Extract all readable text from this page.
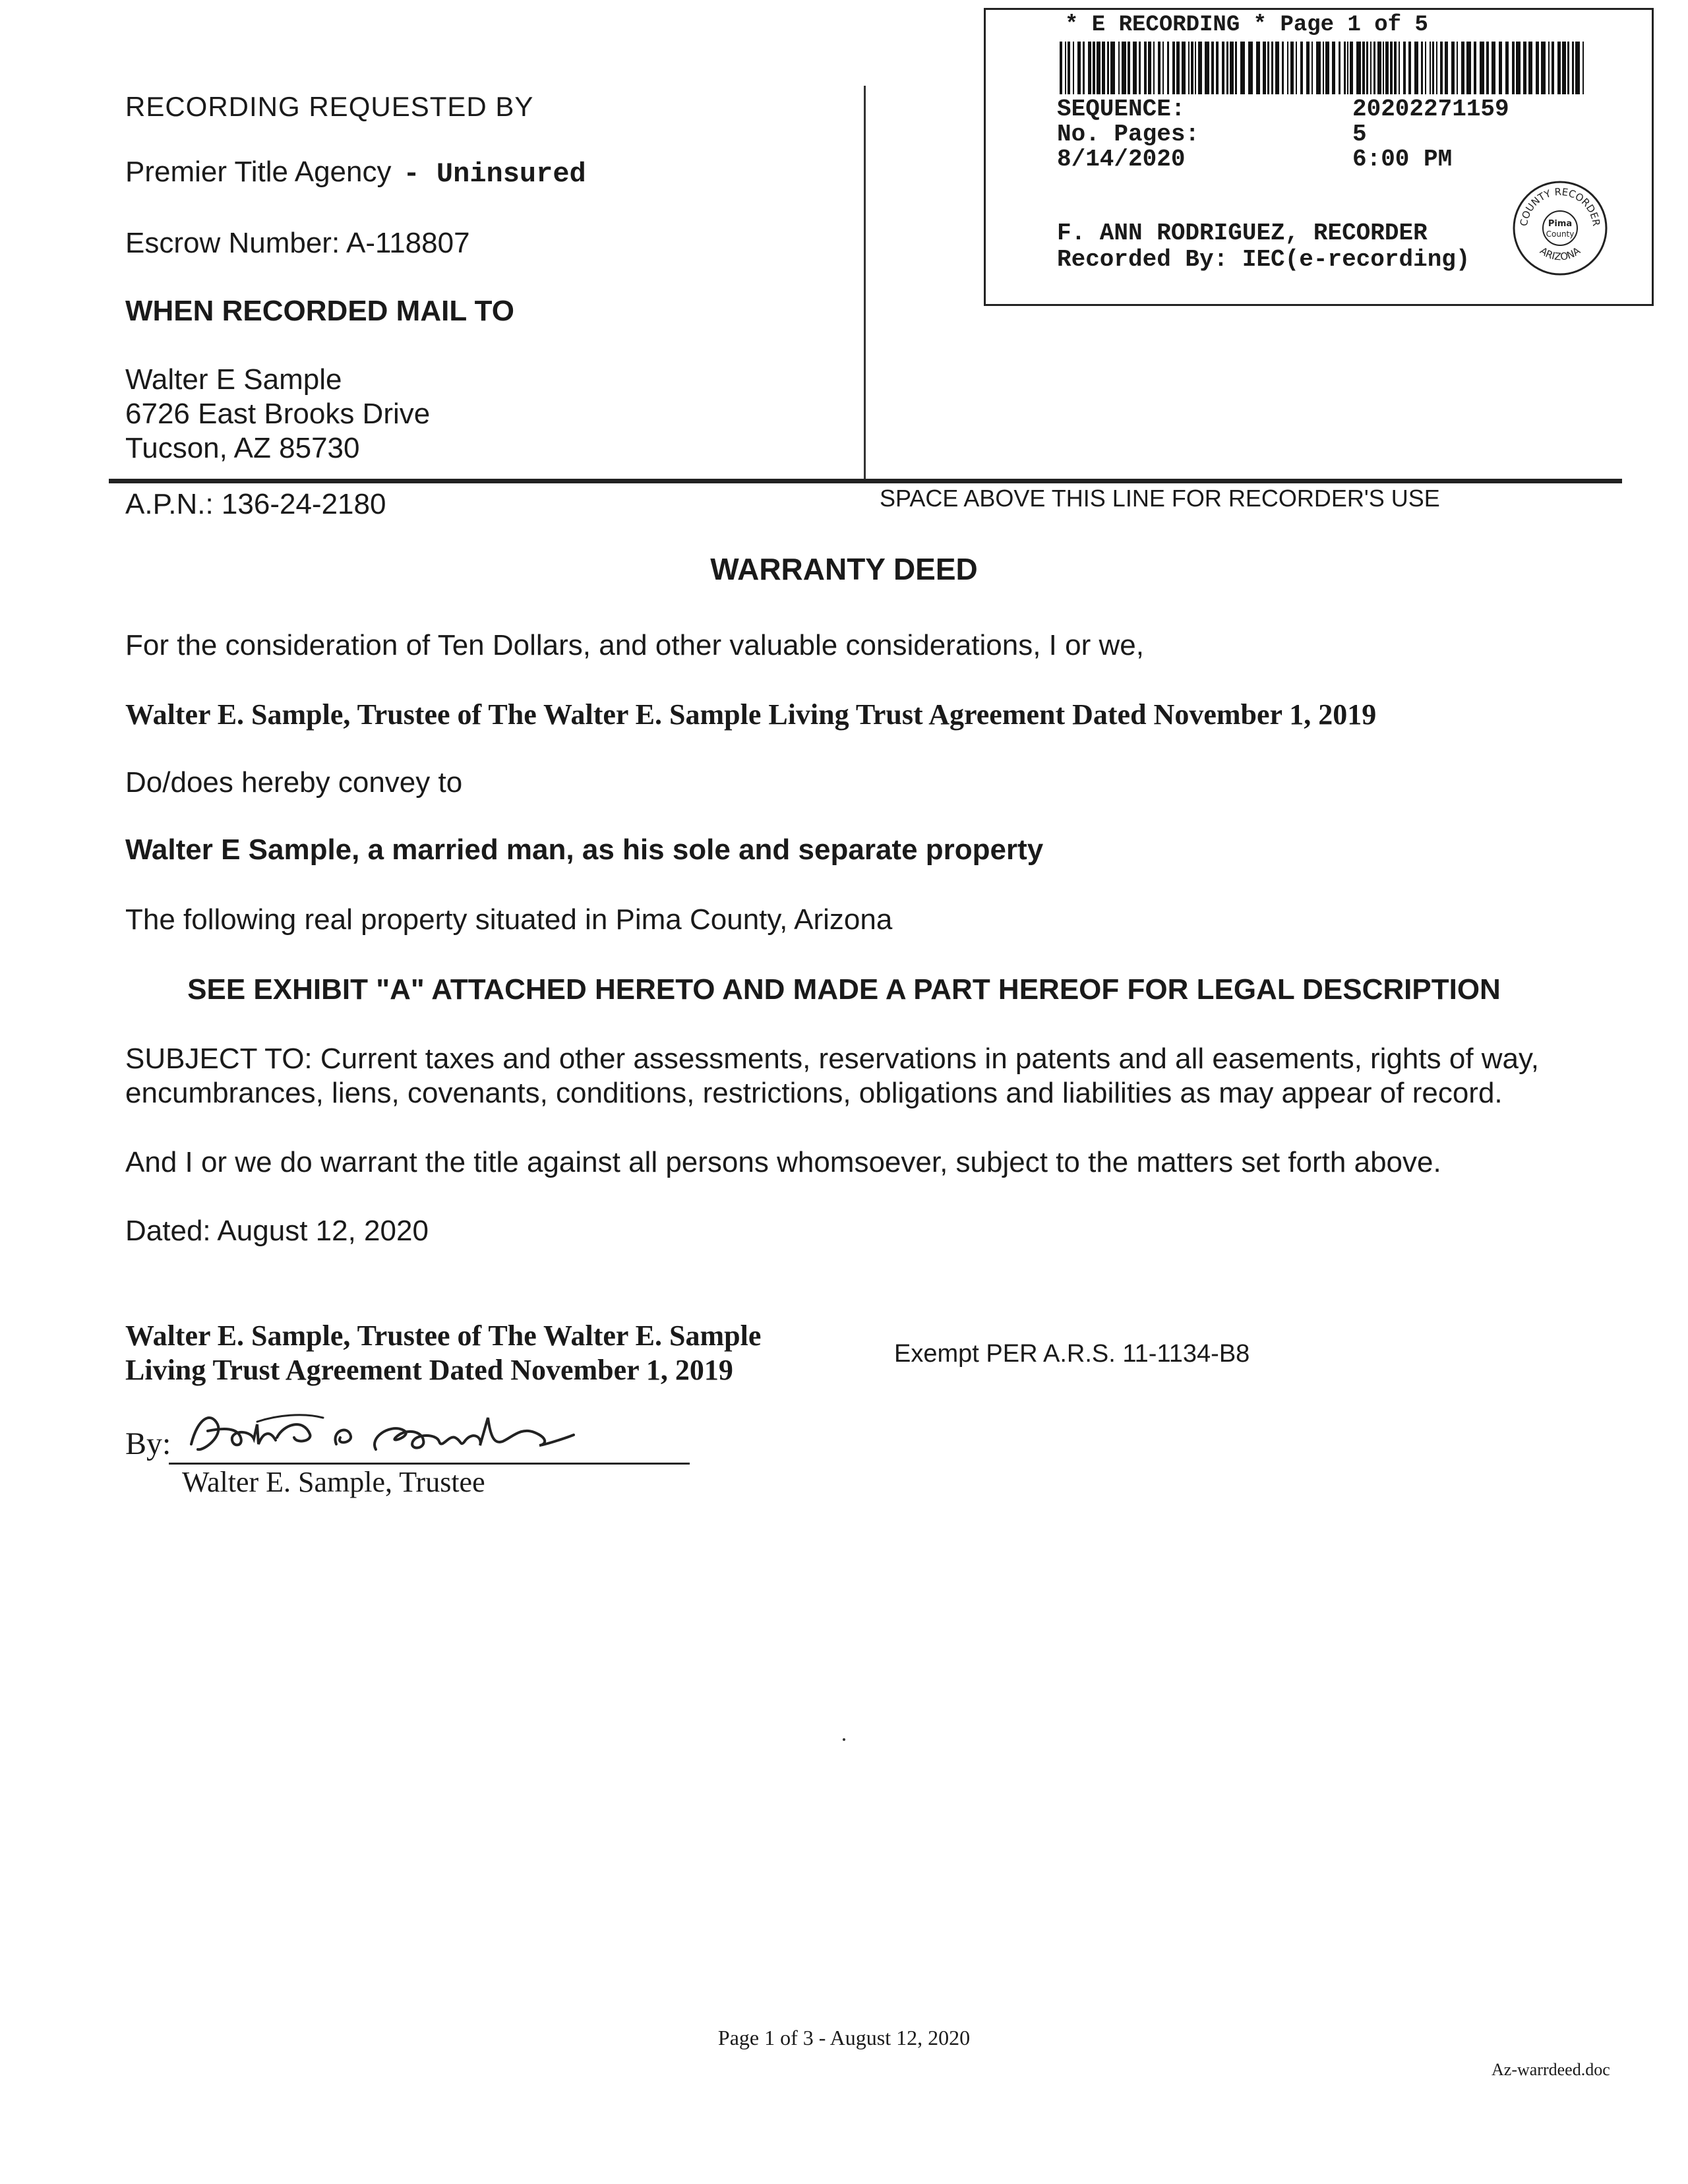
RECORDING REQUESTED BY
Premier Title Agency - Uninsured
Escrow Number: A-118807
WHEN RECORDED MAIL TO
Walter E Sample
6726 East Brooks Drive
Tucson, AZ 85730
* E RECORDING * Page 1 of 5
SEQUENCE:	20202271159
No. Pages:	5
8/14/2020	6:00 PM
F. ANN RODRIGUEZ, RECORDER
Recorded By: IEC(e-recording)
COUNTY RECORDER
ARIZONA
Pima
County
A.P.N.: 136-24-2180	SPACE ABOVE THIS LINE FOR RECORDER'S USE
WARRANTY DEED
For the consideration of Ten Dollars, and other valuable considerations, I or we,
Walter E. Sample, Trustee of The Walter E. Sample Living Trust Agreement Dated November 1, 2019
Do/does hereby convey to
Walter E Sample, a married man, as his sole and separate property
The following real property situated in Pima County, Arizona
SEE EXHIBIT "A" ATTACHED HERETO AND MADE A PART HEREOF FOR LEGAL DESCRIPTION
SUBJECT TO: Current taxes and other assessments, reservations in patents and all easements, rights of way, encumbrances, liens, covenants, conditions, restrictions, obligations and liabilities as may appear of record.
And I or we do warrant the title against all persons whomsoever, subject to the matters set forth above.
Dated: August 12, 2020
Walter E. Sample, Trustee of The Walter E. Sample
Living Trust Agreement Dated November 1, 2019	Exempt PER A.R.S. 11-1134-B8
By:
Walter E. Sample, Trustee
Page 1 of 3 - August 12, 2020
Az-warrdeed.doc
